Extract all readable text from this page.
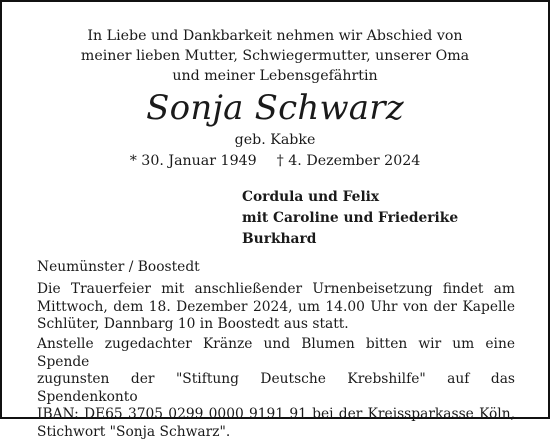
In Liebe und Dankbarkeit nehmen wir Abschied von
meiner lieben Mutter, Schwiegermutter, unserer Oma
und meiner Lebensgefährtin
Sonja Schwarz
geb. Kabke
* 30. Januar 1949 † 4. Dezember 2024
Cordula und Felix
mit Caroline und Friederike
Burkhard
Neumünster / Boostedt
Die Trauerfeier mit anschließender Urnenbeisetzung findet am
Mittwoch, dem 18. Dezember 2024, um 14.00 Uhr von der Kapelle
Schlüter, Dannbarg 10 in Boostedt aus statt.
Anstelle zugedachter Kränze und Blumen bitten wir um eine Spende
zugunsten der "Stiftung Deutsche Krebshilfe" auf das Spendenkonto
IBAN: DE65 3705 0299 0000 9191 91 bei der Kreissparkasse Köln,
Stichwort "Sonja Schwarz".
